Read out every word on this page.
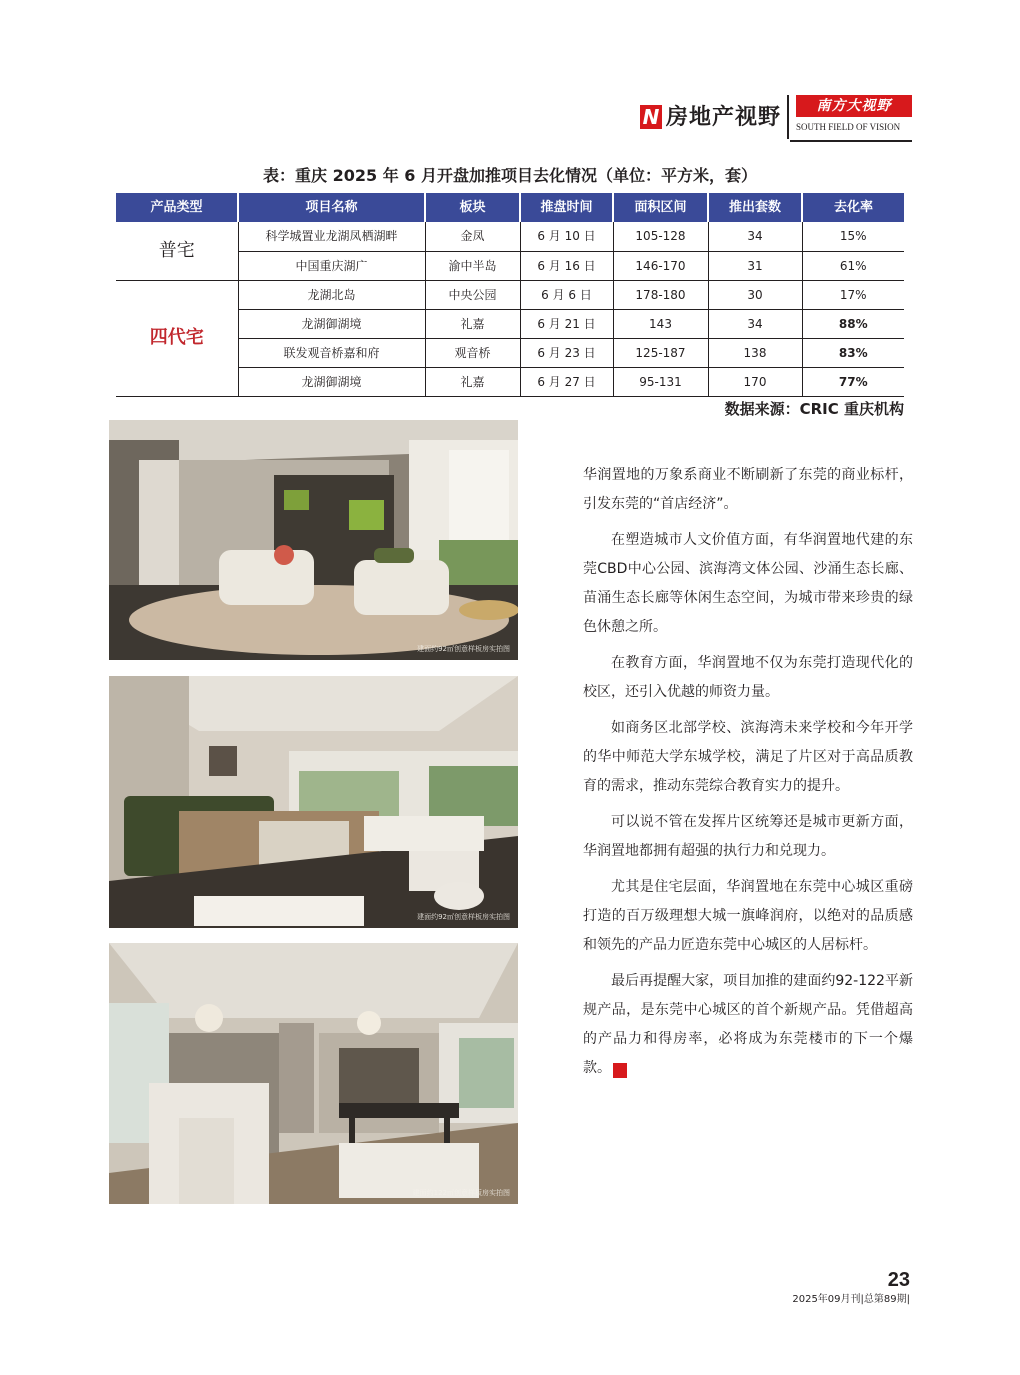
N 房地产视野	南方大视野
SOUTH FIELD OF VISION
表：重庆 2025 年 6 月开盘加推项目去化情况（单位：平方米，套）
产品类型	项目名称	板块	推盘时间	面积区间	推出套数	去化率
普宅	科学城置业龙湖凤栖湖畔	金凤	6 月 10 日	105-128	34	15%
	中国重庆湖广	渝中半岛	6 月 16 日	146-170	31	61%
四代宅	龙湖北岛	中央公园	6 月 6 日	178-180	30	17%
	龙湖御湖境	礼嘉	6 月 21 日	143	34	88%
	联发观音桥嘉和府	观音桥	6 月 23 日	125-187	138	83%
	龙湖御湖境	礼嘉	6 月 27 日	95-131	170	77%
数据来源：CRIC 重庆机构
建面约92㎡创意样板房实拍图
建面约92㎡创意样板房实拍图
建面约122㎡创意样板房实拍图

华润置地的万象系商业不断刷新了东莞的商业标杆，引发东莞的“首店经济”。

在塑造城市人文价值方面，有华润置地代建的东莞CBD中心公园、滨海湾文体公园、沙涌生态长廊、苗涌生态长廊等休闲生态空间，为城市带来珍贵的绿色休憩之所。

在教育方面，华润置地不仅为东莞打造现代化的校区，还引入优越的师资力量。

如商务区北部学校、滨海湾未来学校和今年开学的华中师范大学东城学校，满足了片区对于高品质教育的需求，推动东莞综合教育实力的提升。

可以说不管在发挥片区统筹还是城市更新方面，华润置地都拥有超强的执行力和兑现力。

尤其是住宅层面，华润置地在东莞中心城区重磅打造的百万级理想大城一旗峰润府，以绝对的品质感和领先的产品力匠造东莞中心城区的人居标杆。

最后再提醒大家，项目加推的建面约92-122平新规产品，是东莞中心城区的首个新规产品。凭借超高的产品力和得房率，必将成为东莞楼市的下一个爆款。	N

23
2025年09月刊|总第89期|
